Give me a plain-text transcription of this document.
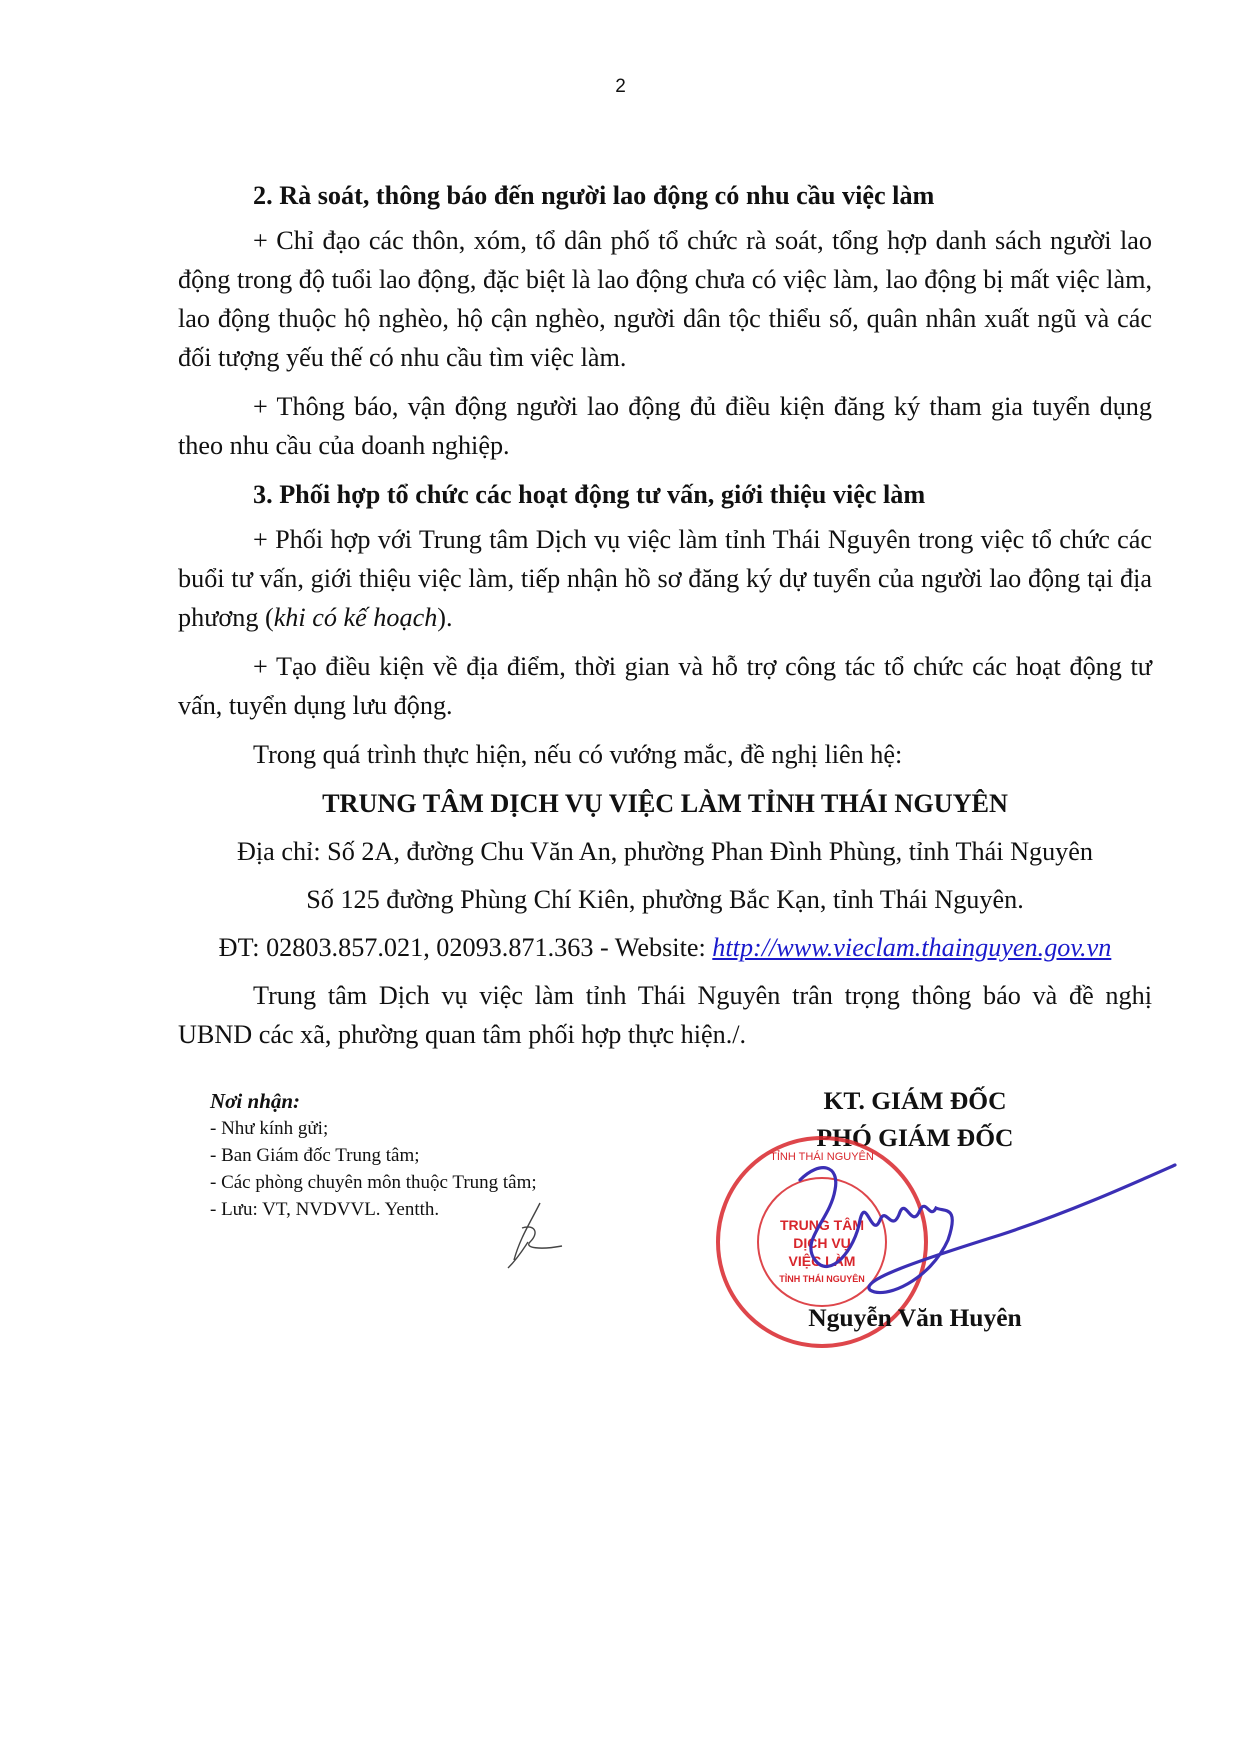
2

2. Rà soát, thông báo đến người lao động có nhu cầu việc làm

+ Chỉ đạo các thôn, xóm, tổ dân phố tổ chức rà soát, tổng hợp danh sách người lao động trong độ tuổi lao động, đặc biệt là lao động chưa có việc làm, lao động bị mất việc làm, lao động thuộc hộ nghèo, hộ cận nghèo, người dân tộc thiểu số, quân nhân xuất ngũ và các đối tượng yếu thế có nhu cầu tìm việc làm.

+ Thông báo, vận động người lao động đủ điều kiện đăng ký tham gia tuyển dụng theo nhu cầu của doanh nghiệp.

3. Phối hợp tổ chức các hoạt động tư vấn, giới thiệu việc làm

+ Phối hợp với Trung tâm Dịch vụ việc làm tỉnh Thái Nguyên trong việc tổ chức các buổi tư vấn, giới thiệu việc làm, tiếp nhận hồ sơ đăng ký dự tuyển của người lao động tại địa phương (khi có kế hoạch).

+ Tạo điều kiện về địa điểm, thời gian và hỗ trợ công tác tổ chức các hoạt động tư vấn, tuyển dụng lưu động.

Trong quá trình thực hiện, nếu có vướng mắc, đề nghị liên hệ:

TRUNG TÂM DỊCH VỤ VIỆC LÀM TỈNH THÁI NGUYÊN

Địa chỉ: Số 2A, đường Chu Văn An, phường Phan Đình Phùng, tỉnh Thái Nguyên

Số 125 đường Phùng Chí Kiên, phường Bắc Kạn, tỉnh Thái Nguyên.

ĐT: 02803.857.021, 02093.871.363 - Website: http://www.vieclam.thainguyen.gov.vn

Trung tâm Dịch vụ việc làm tỉnh Thái Nguyên trân trọng thông báo và đề nghị UBND các xã, phường quan tâm phối hợp thực hiện./.

Nơi nhận:
- Như kính gửi;
- Ban Giám đốc Trung tâm;
- Các phòng chuyên môn thuộc Trung tâm;
- Lưu: VT, NVDVVL. Yentth.
KT. GIÁM ĐỐC
PHÓ GIÁM ĐỐC
TRUNG TÂM
DỊCH VỤ
VIỆC LÀM
TỈNH THÁI NGUYÊN
TỈNH THÁI NGUYÊN
Nguyễn Văn Huyên
